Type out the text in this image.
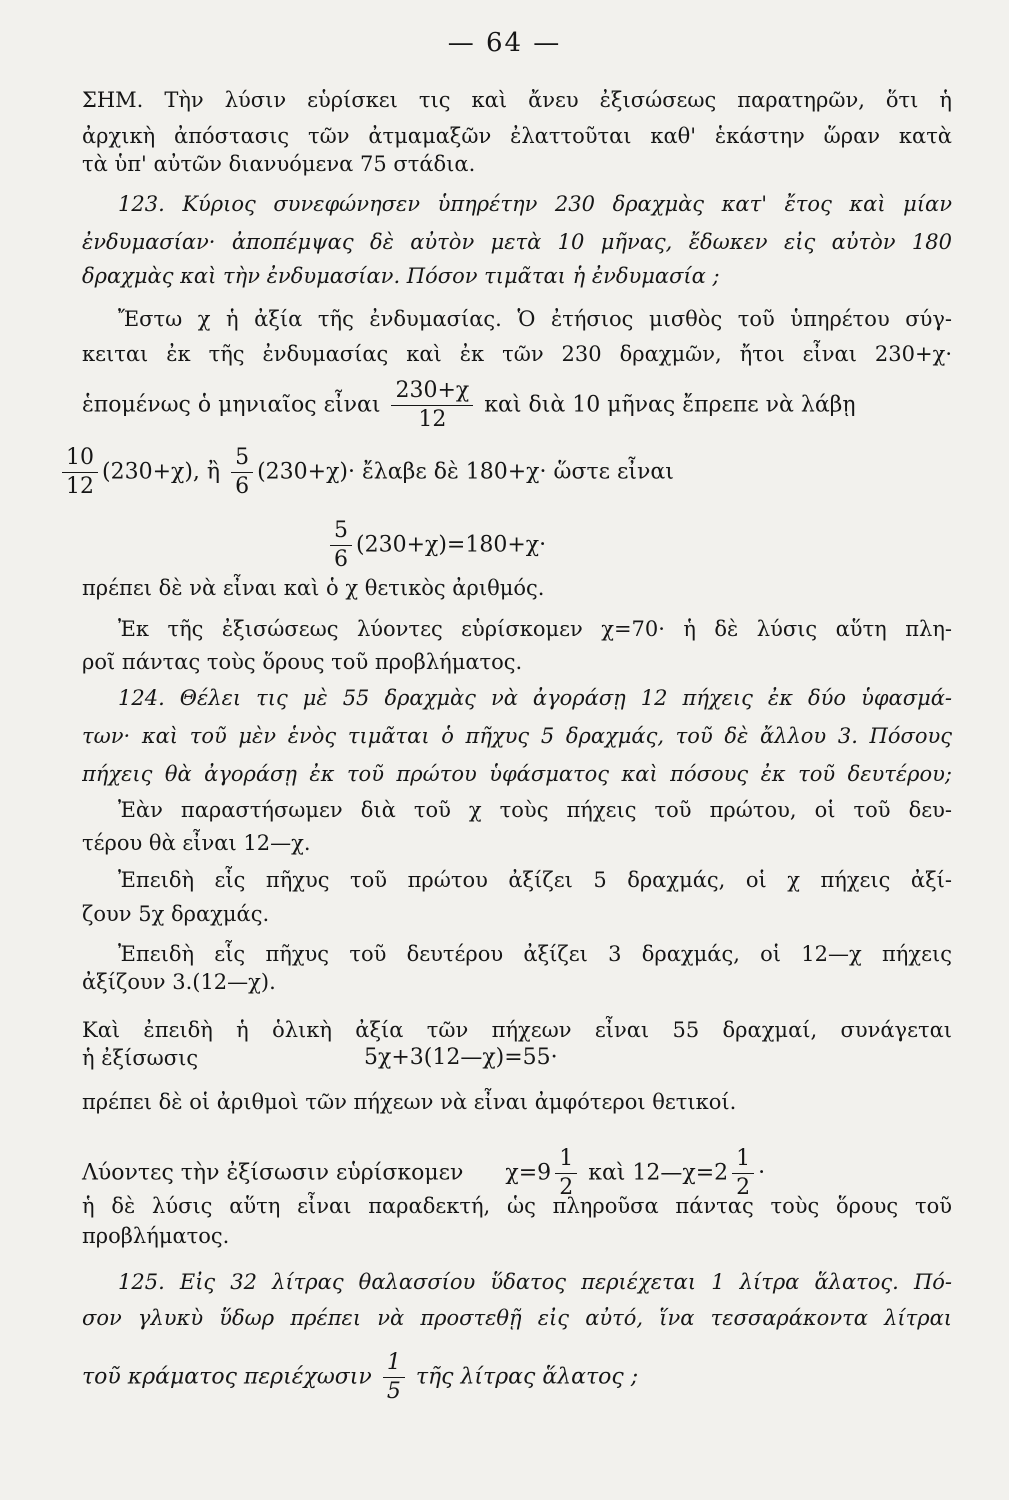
— 64 —
ΣΗΜ. Τὴν λύσιν εὑρίσκει τις καὶ ἄνευ ἐξισώσεως παρατηρῶν, ὅτι ἡ
ἀρχικὴ ἀπόστασις τῶν ἀτμαμαξῶν ἐλαττοῦται καθ' ἑκάστην ὥραν κατὰ
τὰ ὑπ' αὐτῶν διανυόμενα 75 στάδια.
123. Κύριος συνεφώνησεν ὑπηρέτην 230 δραχμὰς κατ' ἔτος καὶ μίαν
ἐνδυμασίαν· ἀποπέμψας δὲ αὐτὸν μετὰ 10 μῆνας, ἔδωκεν εἰς αὐτὸν 180
δραχμὰς καὶ τὴν ἐνδυμασίαν. Πόσον τιμᾶται ἡ ἐνδυμασία ;
Ἔστω χ ἡ ἀξία τῆς ἐνδυμασίας. Ὁ ἐτήσιος μισθὸς τοῦ ὑπηρέτου σύγ-
κειται ἐκ τῆς ἐνδυμασίας καὶ ἐκ τῶν 230 δραχμῶν, ἤτοι εἶναι 230+χ·
ἑπομένως ὁ μηνιαῖος εἶναι $\frac{230+\chi}{12}$ καὶ διὰ 10 μῆνας ἔπρεπε νὰ λάβῃ
$\frac{10}{12} (230+\chi)$, ἢ $\frac{5}{6} (230+\chi)\cdot$ ἔλαβε δὲ 180+χ· ὥστε εἶναι
$\frac{5}{6} (230+\chi)=180+\chi\cdot$
πρέπει δὲ νὰ εἶναι καὶ ὁ χ θετικὸς ἀριθμός.
Ἐκ τῆς ἐξισώσεως λύοντες εὑρίσκομεν χ=70· ἡ δὲ λύσις αὕτη πλη-
ροῖ πάντας τοὺς ὅρους τοῦ προβλήματος.
124. Θέλει τις μὲ 55 δραχμὰς νὰ ἀγοράσῃ 12 πήχεις ἐκ δύο ὑφασμά-
των· καὶ τοῦ μὲν ἑνὸς τιμᾶται ὁ πῆχυς 5 δραχμάς, τοῦ δὲ ἄλλου 3. Πόσους
πήχεις θὰ ἀγοράσῃ ἐκ τοῦ πρώτου ὑφάσματος καὶ πόσους ἐκ τοῦ δευτέρου;
Ἐὰν παραστήσωμεν διὰ τοῦ χ τοὺς πήχεις τοῦ πρώτου, οἱ τοῦ δευ-
τέρου θὰ εἶναι 12—χ.
Ἐπειδὴ εἷς πῆχυς τοῦ πρώτου ἀξίζει 5 δραχμάς, οἱ χ πήχεις ἀξί-
ζουν 5χ δραχμάς.
Ἐπειδὴ εἷς πῆχυς τοῦ δευτέρου ἀξίζει 3 δραχμάς, οἱ 12—χ πήχεις
ἀξίζουν 3.(12—χ).
Καὶ ἐπειδὴ ἡ ὁλικὴ ἀξία τῶν πήχεων εἶναι 55 δραχμαί, συνάγεται
ἡ ἐξίσωσις	5χ+3(12—χ)=55·
πρέπει δὲ οἱ ἀριθμοὶ τῶν πήχεων νὰ εἶναι ἀμφότεροι θετικοί.
Λύοντες τὴν ἐξίσωσιν εὑρίσκομεν $\chi=9 \frac{1}{2}$ καὶ 12—χ=2 $\frac{1}{2}$ ·
ἡ δὲ λύσις αὕτη εἶναι παραδεκτή, ὡς πληροῦσα πάντας τοὺς ὅρους τοῦ
προβλήματος.
125. Εἰς 32 λίτρας θαλασσίου ὕδατος περιέχεται 1 λίτρα ἅλατος. Πό-
σον γλυκὺ ὕδωρ πρέπει νὰ προστεθῇ εἰς αὐτό, ἵνα τεσσαράκοντα λίτραι
τοῦ κράματος περιέχωσιν $\frac{1}{5}$ τῆς λίτρας ἅλατος ;
